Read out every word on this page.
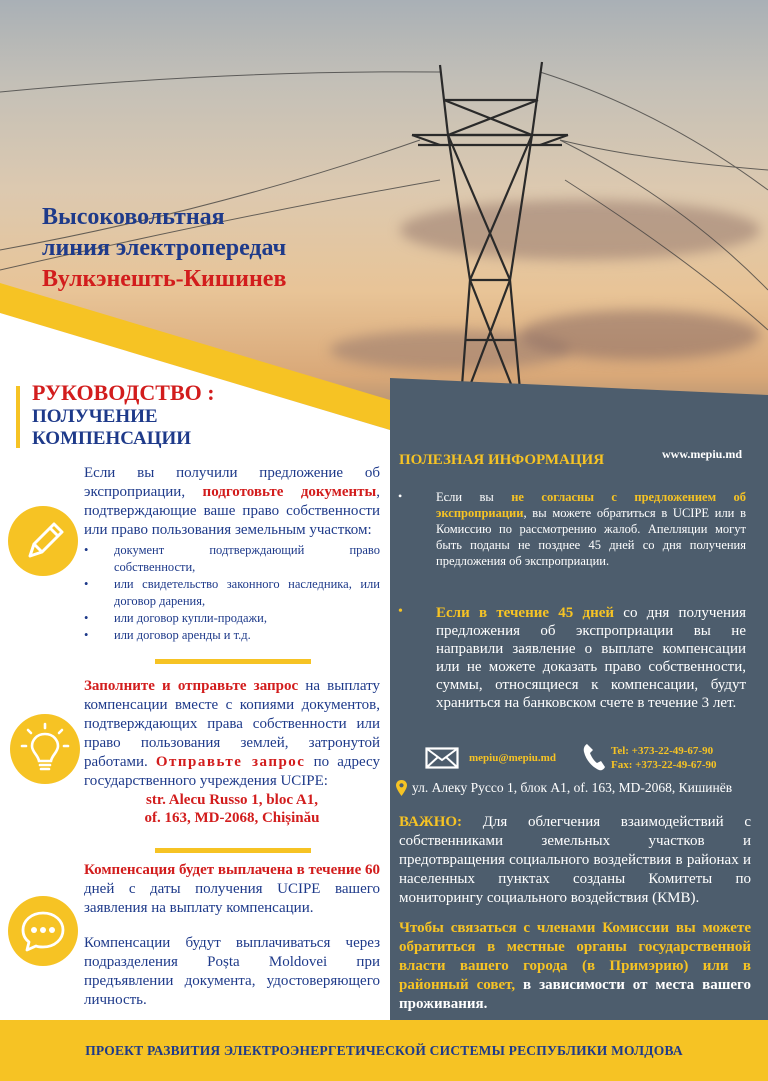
Высоковольтная
линия электропередач
Вулкэнешть-Кишинев
РУКОВОДСТВО :
ПОЛУЧЕНИЕ
КОМПЕНСАЦИИ
Если вы получили предложение об экспроприации, подготовьте документы, подтверждающие ваше право собственности или право пользования земельным участком:
• документ подтверждающий право собственности,
• или свидетельство законного наследника, или договор дарения,
• или договор купли-продажи,
• или договор аренды и т.д.
Заполните и отправьте запрос на выплату компенсации вместе с копиями документов, подтверждающих права собственности или право пользования землей, затронутой работами. Отправьте запрос по адресу государственного учреждения UCIPE:
str. Alecu Russo 1, bloc A1,
of. 163, MD-2068, Chișinău
Компенсация будет выплачена в течение 60 дней с даты получения UCIPE вашего заявления на выплату компенсации.
Компенсации будут выплачиваться через подразделения Poșta Moldovei при предъявлении документа, удостоверяющего личность.
www.mepiu.md
ПОЛЕЗНАЯ ИНФОРМАЦИЯ
•	Если вы не согласны с предложением об экспроприации, вы можете обратиться в UCIPE или в Комиссию по рассмотрению жалоб. Апелляции могут быть поданы не позднее 45 дней со дня получения предложения об экспроприации.
• Если в течение 45 дней со дня получения предложения об экспроприации вы не направили заявление о выплате компенсации или не можете доказать право собственности, суммы, относящиеся к компенсации, будут храниться на банковском счете в течение 3 лет.
mepiu@mepiu.md
Tel: +373-22-49-67-90
Fax: +373-22-49-67-90
ул. Алеку Руссо 1, блок А1, of. 163, MD-2068, Кишинёв
ВАЖНО: Для облегчения взаимодействий с собственниками земельных участков и предотвращения социального воздействия в районах и населенных пунктах созданы Комитеты по мониторингу социального воздействия (КМВ).
Чтобы связаться с членами Комиссии вы можете обратиться в местные органы государственной власти вашего города (в Примэрию) или в районный совет, в зависимости от места вашего проживания.
ПРОЕКТ РАЗВИТИЯ ЭЛЕКТРОЭНЕРГЕТИЧЕСКОЙ СИСТЕМЫ РЕСПУБЛИКИ МОЛДОВА
